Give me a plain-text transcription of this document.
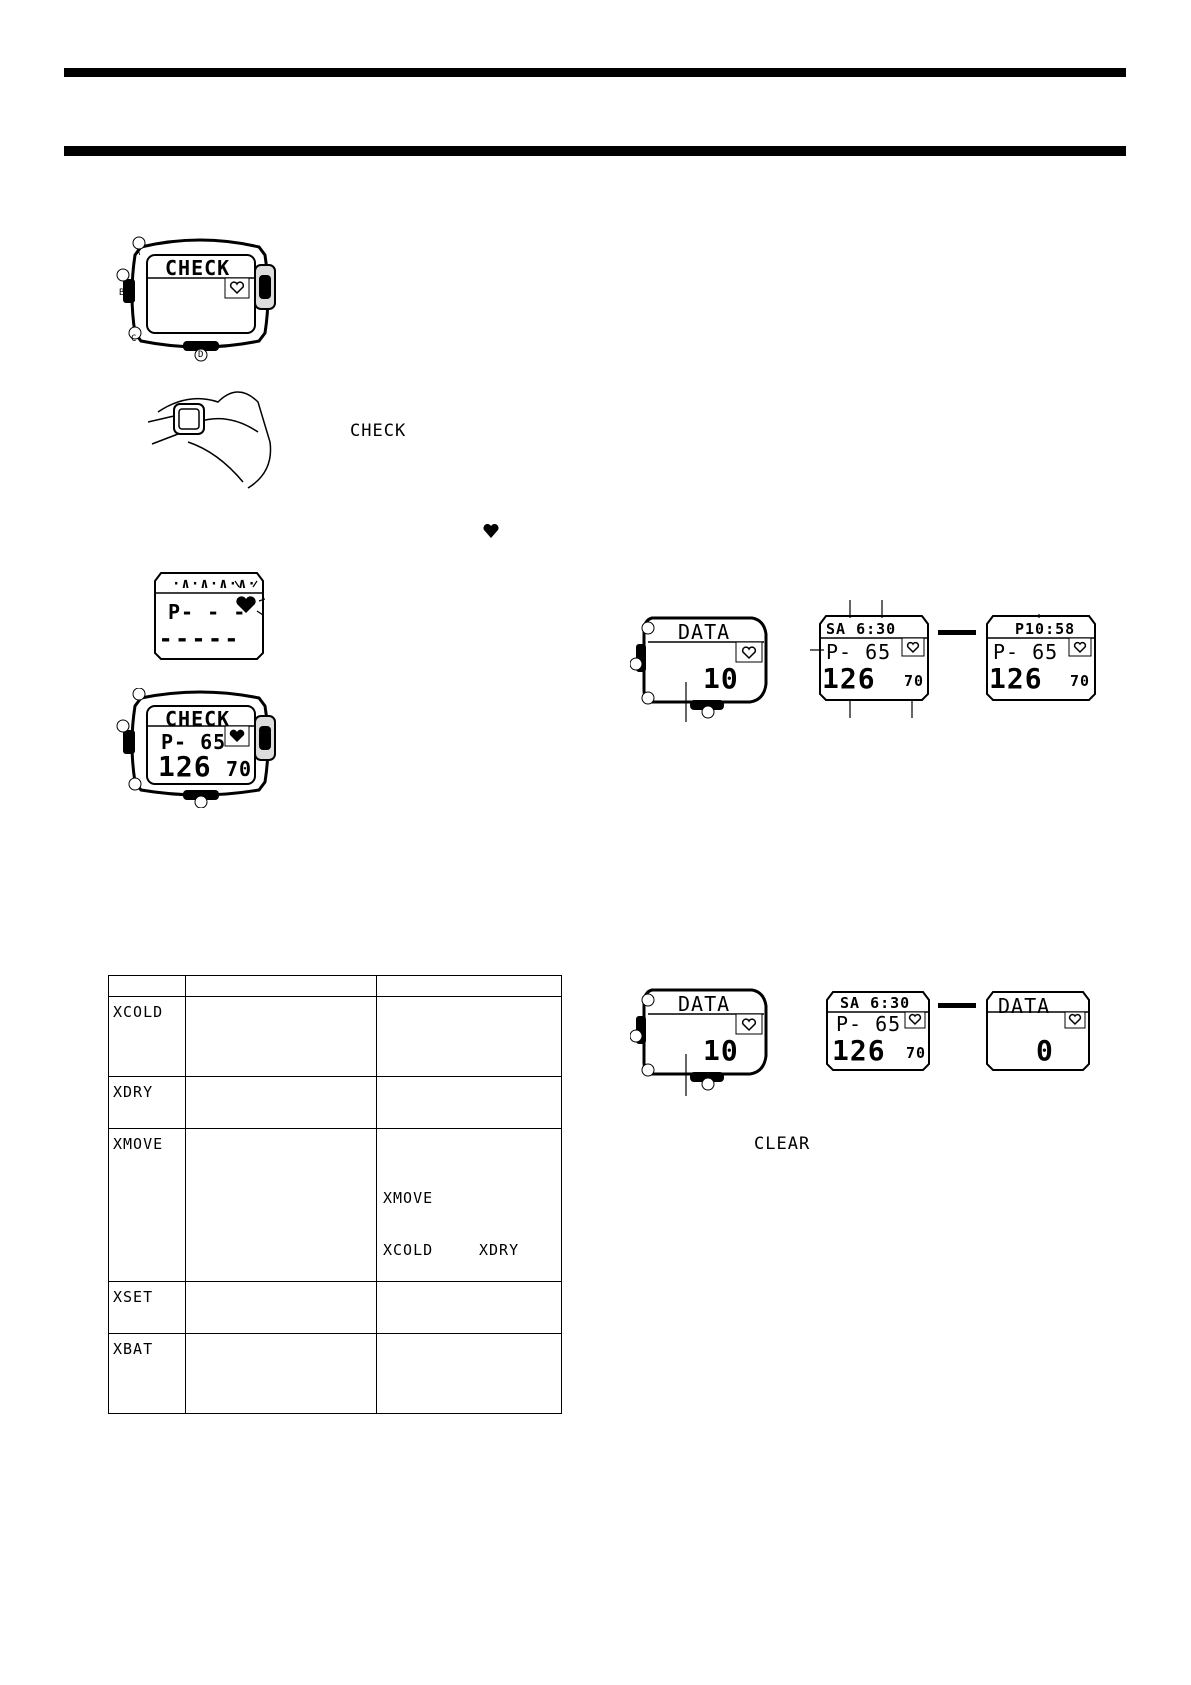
A
B
C
D
CHECK
CHECK
·∧·∧·∧·∧·
P- - -
▬ ▬ ▬ ▬ ▬
CHECK
P- 65
126 70

XCOLD		
XDRY		
XMOVE		XMOVE
XCOLD XDRY

XSET		
XBAT		
DATA
10
SA 6:30
P- 65
126 70
P10:58
P- 65
126 70
DATA
10
SA 6:30
P- 65
126 70
DATA
0
CLEAR
